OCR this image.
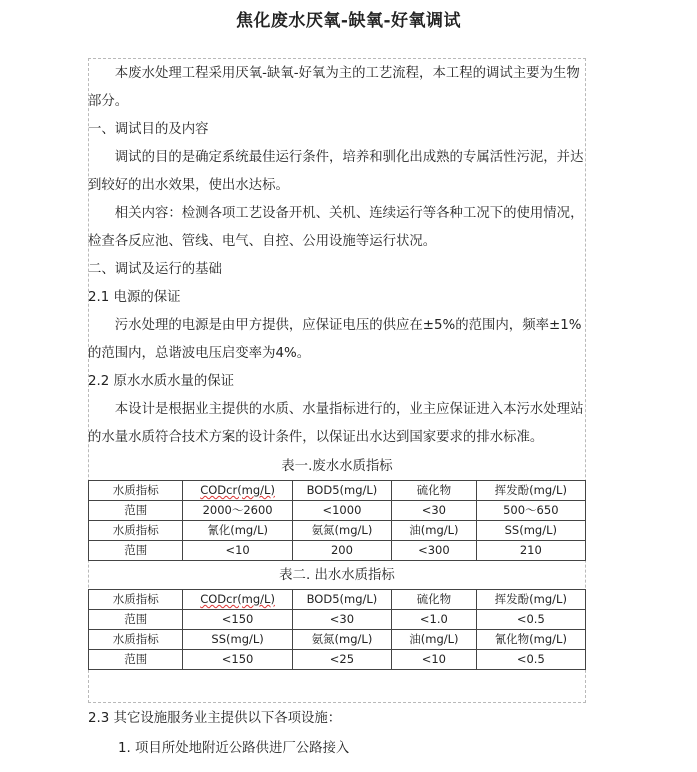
焦化废水厌氧-缺氧-好氧调试

本废水处理工程采用厌氧-缺氧-好氧为主的工艺流程，本工程的调试主要为生物部分。

一、调试目的及内容

调试的目的是确定系统最佳运行条件，培养和驯化出成熟的专属活性污泥，并达到较好的出水效果，使出水达标。

相关内容：检测各项工艺设备开机、关机、连续运行等各种工况下的使用情况，检查各反应池、管线、电气、自控、公用设施等运行状况。

二、调试及运行的基础

2.1 电源的保证

污水处理的电源是由甲方提供，应保证电压的供应在±5%的范围内，频率±1%的范围内，总谐波电压启变率为4%。

2.2 原水水质水量的保证

本设计是根据业主提供的水质、水量指标进行的，业主应保证进入本污水处理站的水量水质符合技术方案的设计条件，以保证出水达到国家要求的排水标准。

表一.废水水质指标
水质指标	CODcr(mg/L)	BOD5(mg/L)	硫化物	挥发酚(mg/L)
范围	2000～2600	<1000	<30	500～650
水质指标	氰化(mg/L)	氨氮(mg/L)	油(mg/L)	SS(mg/L)
范围	<10	200	<300	210
表二. 出水水质指标
水质指标	CODcr(mg/L)	BOD5(mg/L)	硫化物	挥发酚(mg/L)
范围	<150	<30	<1.0	<0.5
水质指标	SS(mg/L)	氨氮(mg/L)	油(mg/L)	氰化物(mg/L)
范围	<150	<25	<10	<0.5

2.3 其它设施服务业主提供以下各项设施：

1. 项目所处地附近公路供进厂公路接入
